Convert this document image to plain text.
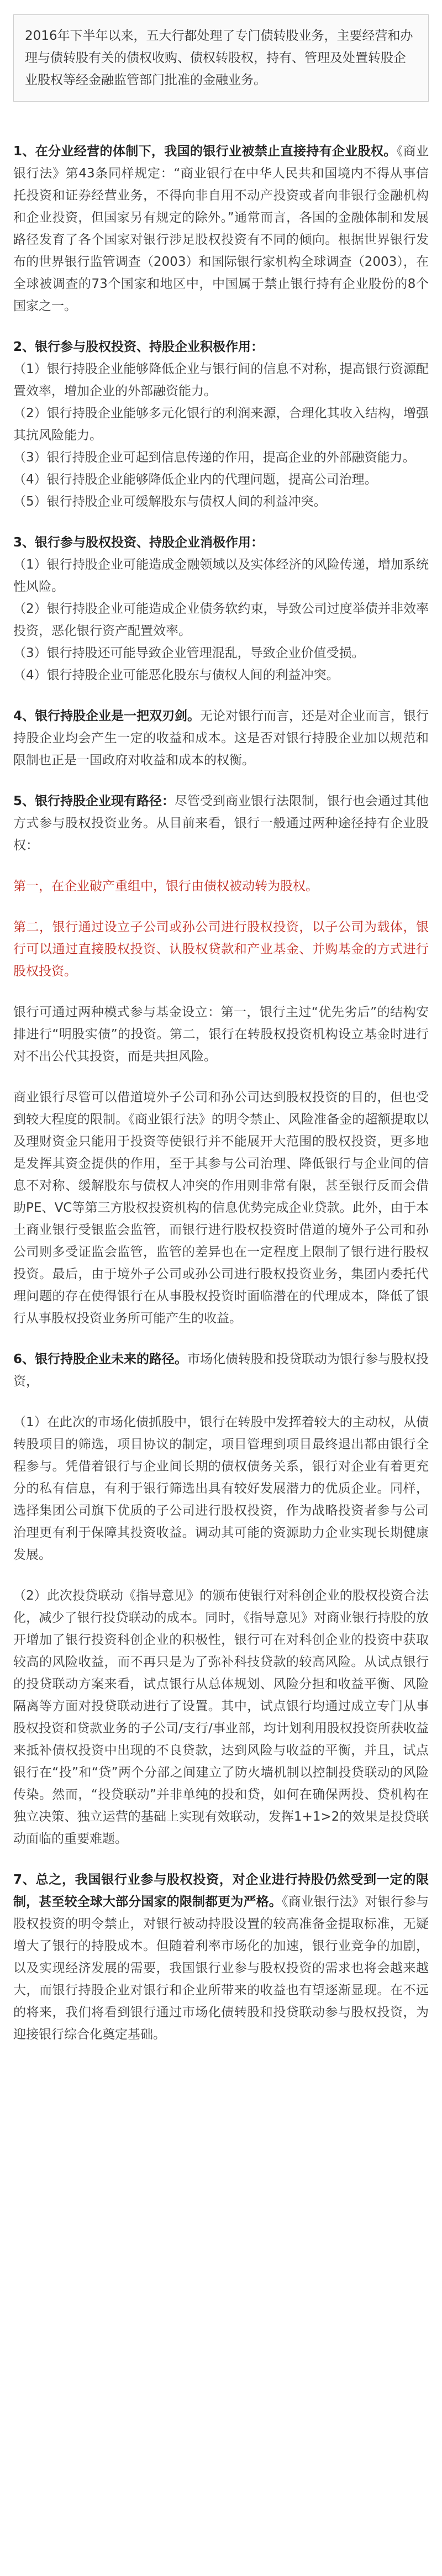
2016年下半年以来，五大行都处理了专门债转股业务，主要经营和办理与债转股有关的债权收购、债权转股权，持有、管理及处置转股企业股权等经金融监管部门批准的金融业务。

1、在分业经营的体制下，我国的银行业被禁止直接持有企业股权。《商业银行法》第43条同样规定：“商业银行在中华人民共和国境内不得从事信托投资和证券经营业务，不得向非自用不动产投资或者向非银行金融机构和企业投资，但国家另有规定的除外。”通常而言，各国的金融体制和发展路径发育了各个国家对银行涉足股权投资有不同的倾向。根据世界银行发布的世界银行监管调查（2003）和国际银行家机构全球调查（2003），在全球被调查的73个国家和地区中，中国属于禁止银行持有企业股份的8个国家之一。

2、银行参与股权投资、持股企业积极作用：
（1）银行持股企业能够降低企业与银行间的信息不对称，提高银行资源配置效率，增加企业的外部融资能力。
（2）银行持股企业能够多元化银行的利润来源，合理化其收入结构，增强其抗风险能力。
（3）银行持股企业可起到信息传递的作用，提高企业的外部融资能力。
（4）银行持股企业能够降低企业内的代理问题，提高公司治理。
（5）银行持股企业可缓解股东与债权人间的利益冲突。

3、银行参与股权投资、持股企业消极作用：
（1）银行持股企业可能造成金融领域以及实体经济的风险传递，增加系统性风险。
（2）银行持股企业可能造成企业债务软约束，导致公司过度举债并非效率投资，恶化银行资产配置效率。
（3）银行持股还可能导致企业管理混乱，导致企业价值受损。
（4）银行持股企业可能恶化股东与债权人间的利益冲突。

4、银行持股企业是一把双刃剑。无论对银行而言，还是对企业而言，银行持股企业均会产生一定的收益和成本。这是否对银行持股企业加以规范和限制也正是一国政府对收益和成本的权衡。

5、银行持股企业现有路径：尽管受到商业银行法限制，银行也会通过其他方式参与股权投资业务。从目前来看，银行一般通过两种途径持有企业股权：

第一，在企业破产重组中，银行由债权被动转为股权。

第二，银行通过设立子公司或孙公司进行股权投资，以子公司为载体，银行可以通过直接股权投资、认股权贷款和产业基金、并购基金的方式进行股权投资。

银行可通过两种模式参与基金设立：第一，银行主过“优先劣后”的结构安排进行“明股实债”的投资。第二，银行在转股权投资机构设立基金时进行对不出公代其投资，而是共担风险。

商业银行尽管可以借道境外子公司和孙公司达到股权投资的目的，但也受到较大程度的限制。《商业银行法》的明令禁止、风险准备金的超额提取以及理财资金只能用于投资等使银行并不能展开大范围的股权投资，更多地是发挥其资金提供的作用，至于其参与公司治理、降低银行与企业间的信息不对称、缓解股东与债权人冲突的作用则非常有限，甚至银行反而会借助PE、VC等第三方股权投资机构的信息优势完成企业贷款。此外，由于本土商业银行受银监会监管，而银行进行股权投资时借道的境外子公司和孙公司则多受证监会监管，监管的差异也在一定程度上限制了银行进行股权投资。最后，由于境外子公司或孙公司进行股权投资业务，集团内委托代理问题的存在使得银行在从事股权投资时面临潜在的代理成本，降低了银行从事股权投资业务所可能产生的收益。

6、银行持股企业未来的路径。市场化债转股和投贷联动为银行参与股权投资，

（1）在此次的市场化债抓股中，银行在转股中发挥着较大的主动权，从债转股项目的筛选，项目协议的制定，项目管理到项目最终退出都由银行全程参与。凭借着银行与企业间长期的债权债务关系，银行对企业有着更充分的私有信息，有利于银行筛选出具有较好发展潜力的优质企业。同样，选择集团公司旗下优质的子公司进行股权投资，作为战略投资者参与公司治理更有利于保障其投资收益。调动其可能的资源助力企业实现长期健康发展。

（2）此次投贷联动《指导意见》的颁布使银行对科创企业的股权投资合法化，减少了银行投贷联动的成本。同时，《指导意见》对商业银行持股的放开增加了银行投资科创企业的积极性，银行可在对科创企业的投资中获取较高的风险收益，而不再只是为了弥补科技贷款的较高风险。从试点银行的投贷联动方案来看，试点银行从总体规划、风险分担和收益平衡、风险隔离等方面对投贷联动进行了设置。其中，试点银行均通过成立专门从事股权投资和贷款业务的子公司/支行/事业部，均计划利用股权投资所获收益来抵补债权投资中出现的不良贷款，达到风险与收益的平衡，并且，试点银行在“投”和“贷”两个分部之间建立了防火墙机制以控制投贷联动的风险传染。然而，“投贷联动”并非单纯的投和贷，如何在确保两投、贷机构在独立决策、独立运营的基础上实现有效联动，发挥1+1>2的效果是投贷联动面临的重要难题。

7、总之，我国银行业参与股权投资，对企业进行持股仍然受到一定的限制，甚至较全球大部分国家的限制都更为严格。《商业银行法》对银行参与股权投资的明令禁止，对银行被动持股设置的较高准备金提取标准，无疑增大了银行的持股成本。但随着利率市场化的加速，银行业竞争的加剧，以及实现经济发展的需要，我国银行业参与股权投资的需求也将会越来越大，而银行持股企业对银行和企业所带来的收益也有望逐渐显现。在不远的将来，我们将看到银行通过市场化债转股和投贷联动参与股权投资，为迎接银行综合化奠定基础。
